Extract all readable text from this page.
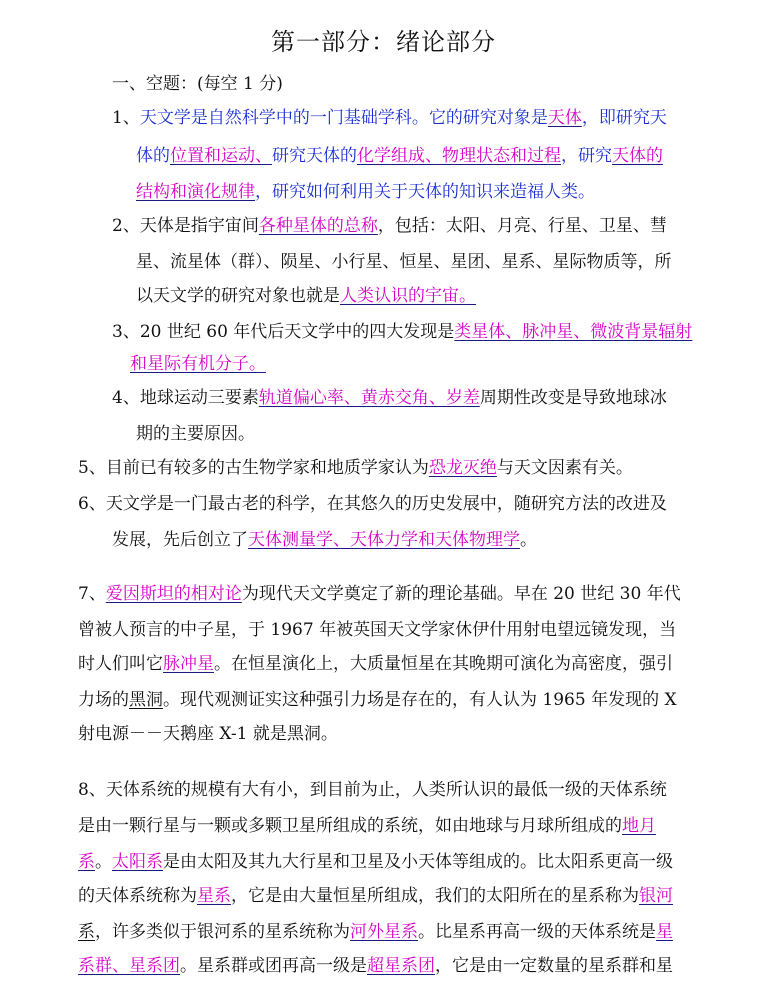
第一部分：绪论部分
一、空题：(每空 1 分)
1、天文学是自然科学中的一门基础学科。它的研究对象是天体，即研究天
体的位置和运动、研究天体的化学组成、物理状态和过程，研究天体的
结构和演化规律，研究如何利用关于天体的知识来造福人类。
2、天体是指宇宙间各种星体的总称，包括：太阳、月亮、行星、卫星、彗
星、流星体（群）、陨星、小行星、恒星、星团、星系、星际物质等，所
以天文学的研究对象也就是人类认识的宇宙。
3、20 世纪 60 年代后天文学中的四大发现是类星体、脉冲星、微波背景辐射
和星际有机分子。
4、地球运动三要素轨道偏心率、黄赤交角、岁差周期性改变是导致地球冰
期的主要原因。
5、目前已有较多的古生物学家和地质学家认为恐龙灭绝与天文因素有关。
6、天文学是一门最古老的科学，在其悠久的历史发展中，随研究方法的改进及
发展，先后创立了天体测量学、天体力学和天体物理学。
7、爱因斯坦的相对论为现代天文学奠定了新的理论基础。早在 20 世纪 30 年代
曾被人预言的中子星，于 1967 年被英国天文学家休伊什用射电望远镜发现，当
时人们叫它脉冲星。在恒星演化上，大质量恒星在其晚期可演化为高密度，强引
力场的黑洞。现代观测证实这种强引力场是存在的，有人认为 1965 年发现的 X
射电源－－天鹅座 X-1 就是黑洞。
8、天体系统的规模有大有小，到目前为止，人类所认识的最低一级的天体系统
是由一颗行星与一颗或多颗卫星所组成的系统，如由地球与月球所组成的地月
系。太阳系是由太阳及其九大行星和卫星及小天体等组成的。比太阳系更高一级
的天体系统称为星系，它是由大量恒星所组成，我们的太阳所在的星系称为银河
系，许多类似于银河系的星系统称为河外星系。比星系再高一级的天体系统是星
系群、星系团。星系群或团再高一级是超星系团，它是由一定数量的星系群和星
